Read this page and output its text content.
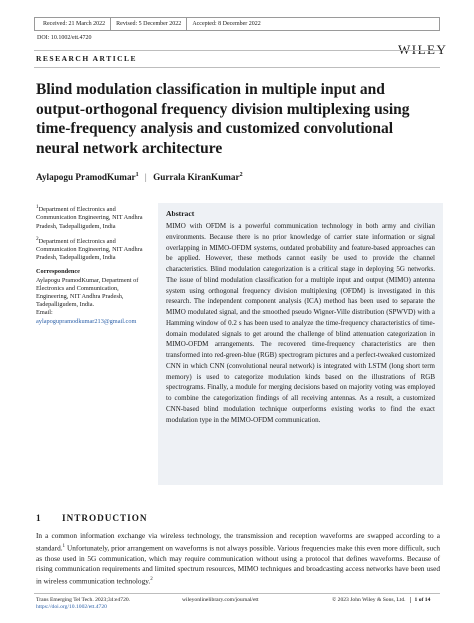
Received: 21 March 2022	Revised: 5 December 2022	Accepted: 8 December 2022
DOI: 10.1002/ett.4720
WILEY
RESEARCH ARTICLE
Blind modulation classification in multiple input and output-orthogonal frequency division multiplexing using time-frequency analysis and customized convolutional neural network architecture
Aylapogu PramodKumar$^1$ | Gurrala KiranKumar$^2$
$^1$Department of Electronics and Communication Engineering, NIT Andhra Pradesh, Tadepalligudem, India
$^2$Department of Electronics and Communication Engineering, NIT Andhra Pradesh, Tadepalligudem, India
Correspondence
Aylapogu PramodKumar, Department of Electronics and Communication, Engineering, NIT Andhra Pradesh, Tadepalligudem, India.
Email:
aylapogupramodkumar213@gmail.com
Abstract
MIMO with OFDM is a powerful communication technology in both army and civilian environments. Because there is no prior knowledge of carrier state information or signal overlapping in MIMO-OFDM systems, outdated probability and feature-based approaches can be applied. However, these methods cannot easily be used to provide the channel characteristics. Blind modulation categorization is a critical stage in deploying 5G networks. The issue of blind modulation classification for a multiple input and output (MIMO) antenna system using orthogonal frequency division multiplexing (OFDM) is investigated in this research. The independent component analysis (ICA) method has been used to separate the MIMO modulated signal, and the smoothed pseudo Wigner-Ville distribution (SPWVD) with a Hamming window of 0.2 s has been used to analyze the time-frequency characteristics of time-domain modulated signals to get around the challenge of blind attenuation categorization in MIMO-OFDM arrangements. The recovered time-frequency characteristics are then transformed into red-green-blue (RGB) spectrogram pictures and a perfect-tweaked customized CNN in which CNN (convolutional neural network) is integrated with LSTM (long short term memory) is used to categorize modulation kinds based on the illustrations of RGB spectrograms. Finally, a module for merging decisions based on majority voting was employed to combine the categorization findings of all receiving antennas. As a result, a customized CNN-based blind modulation technique outperforms existing works to find the exact modulation type in the MIMO-OFDM communication.
1 INTRODUCTION
In a common information exchange via wireless technology, the transmission and reception waveforms are swapped according to a standard.$^1$ Unfortunately, prior arrangement on waveforms is not always possible. Various frequencies make this even more difficult, such as those used in 5G communication, which may require communication without using a protocol that defines waveforms. Because of rising communication requirements and limited spectrum resources, MIMO techniques and broadcasting access networks have been used in wireless communication technology.$^2$
Trans Emerging Tel Tech. 2023;34:e4720.
https://doi.org/10.1002/ett.4720
wileyonlinelibrary.com/journal/ett	© 2023 John Wiley & Sons, Ltd.	1 of 14
